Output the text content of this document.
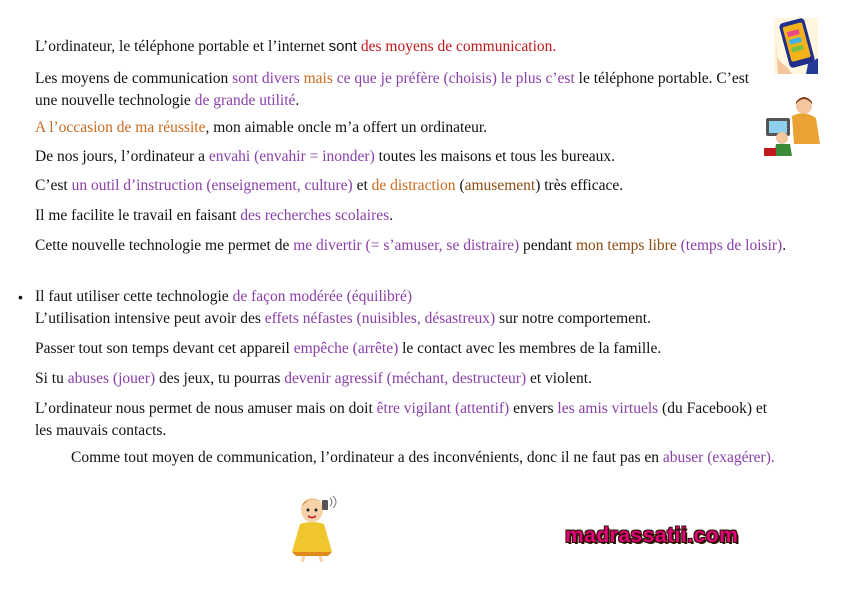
L’ordinateur, le téléphone portable et l’internet sont des moyens de communication.

Les moyens de communication sont divers mais ce que je préfère (choisis) le plus c’est le téléphone portable. C’est une nouvelle technologie de grande utilité.

A l’occasion de ma réussite, mon aimable oncle m’a offert un ordinateur.

De nos jours, l’ordinateur a envahi (envahir = inonder) toutes les maisons et tous les bureaux.

C’est un outil d’instruction (enseignement, culture) et de distraction (amusement) très efficace.

Il me facilite le travail en faisant des recherches scolaires.

Cette nouvelle technologie me permet de me divertir (= s’amuser, se distraire) pendant mon temps libre (temps de loisir).

• Il faut utiliser cette technologie de façon modérée (équilibré)

L’utilisation intensive peut avoir des effets néfastes (nuisibles, désastreux) sur notre comportement.

Passer tout son temps devant cet appareil empêche (arrête) le contact avec les membres de la famille.

Si tu abuses (jouer) des jeux, tu pourras devenir agressif (méchant, destructeur) et violent.

L’ordinateur nous permet de nous amuser mais on doit être vigilant (attentif) envers les amis virtuels (du Facebook) et les mauvais contacts.

Comme tout moyen de communication, l’ordinateur a des inconvénients, donc il ne faut pas en abuser (exagérer).

madrassatii.com
